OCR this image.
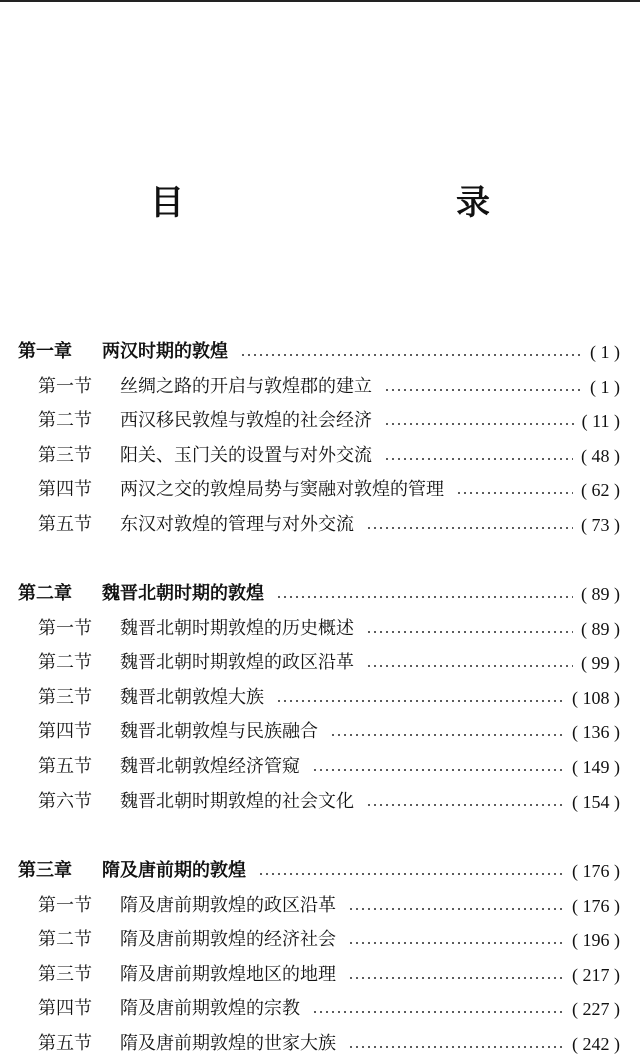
目　　录
第一章 两汉时期的敦煌	( 1 )
第一节 丝绸之路的开启与敦煌郡的建立	( 1 )
第二节 西汉移民敦煌与敦煌的社会经济	( 11 )
第三节 阳关、玉门关的设置与对外交流	( 48 )
第四节 两汉之交的敦煌局势与窦融对敦煌的管理	( 62 )
第五节 东汉对敦煌的管理与对外交流	( 73 )
第二章 魏晋北朝时期的敦煌	( 89 )
第一节 魏晋北朝时期敦煌的历史概述	( 89 )
第二节 魏晋北朝时期敦煌的政区沿革	( 99 )
第三节 魏晋北朝敦煌大族	( 108 )
第四节 魏晋北朝敦煌与民族融合	( 136 )
第五节 魏晋北朝敦煌经济管窥	( 149 )
第六节 魏晋北朝时期敦煌的社会文化	( 154 )
第三章 隋及唐前期的敦煌	( 176 )
第一节 隋及唐前期敦煌的政区沿革	( 176 )
第二节 隋及唐前期敦煌的经济社会	( 196 )
第三节 隋及唐前期敦煌地区的地理	( 217 )
第四节 隋及唐前期敦煌的宗教	( 227 )
第五节 隋及唐前期敦煌的世家大族	( 242 )
